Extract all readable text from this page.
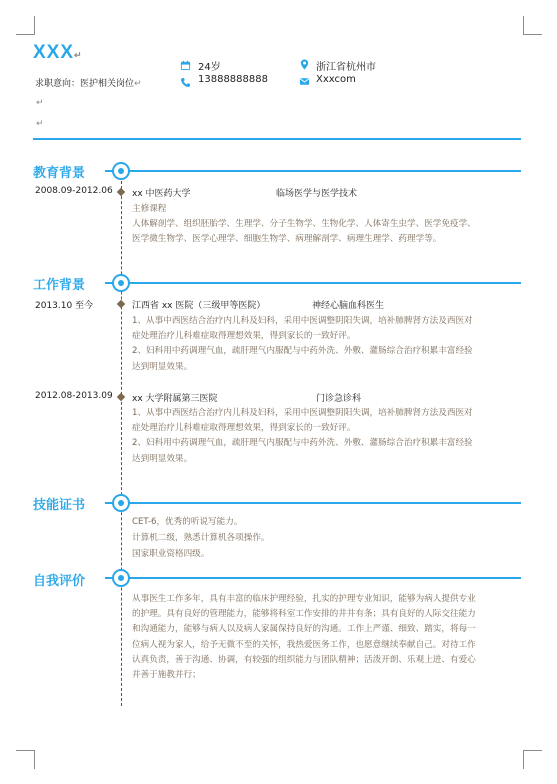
XXX↵
求职意向：医护相关岗位↵
↵
↵
24岁
13888888888
浙江省杭州市
Xxxcom
教育背景
2008.09-2012.06 xx 中医药大学	临场医学与医学技术
主修课程
人体解剖学、组织胚胎学、生理学、分子生物学、生物化学、人体寄生虫学、医学免疫学、
医学微生物学、医学心理学、细胞生物学、病理解剖学、病理生理学、药理学等。
工作背景
2013.10 至今	江西省 xx 医院（三级甲等医院）	神经心脑血科医生
1、从事中西医结合治疗内儿科及妇科，采用中医调整阴阳失调，培补肺脾肾方法及西医对
症处理治疗儿科难症取得理想效果，得到家长的一致好评。
2、妇科用中药调理气血，疏肝理气内服配与中药外洗、外敷、灌肠综合治疗积累丰富经验
达到明显效果。
2012.08-2013.09 xx 大学附属第三医院	门诊急诊科
1、从事中西医结合治疗内儿科及妇科，采用中医调整阴阳失调，培补肺脾肾方法及西医对
症处理治疗儿科难症取得理想效果，得到家长的一致好评。
2、妇科用中药调理气血，疏肝理气内服配与中药外洗、外敷、灌肠综合治疗积累丰富经验
达到明显效果。
技能证书
CET-6，优秀的听说写能力。
计算机二级，熟悉计算机各项操作。
国家职业资格四级。
自我评价
从事医生工作多年，具有丰富的临床护理经验，扎实的护理专业知识，能够为病人提供专业
的护理。具有良好的管理能力，能够将科室工作安排的井井有条；具有良好的人际交往能力
和沟通能力，能够与病人以及病人家属保持良好的沟通。工作上严谨、细致、踏实，将每一
位病人视为家人，给予无微不至的关怀，我热爱医务工作，也愿意继续奉献自己。对待工作
认真负责，善于沟通、协调，有较强的组织能力与团队精神；活泼开朗、乐观上进、有爱心
并善于施教并行；
